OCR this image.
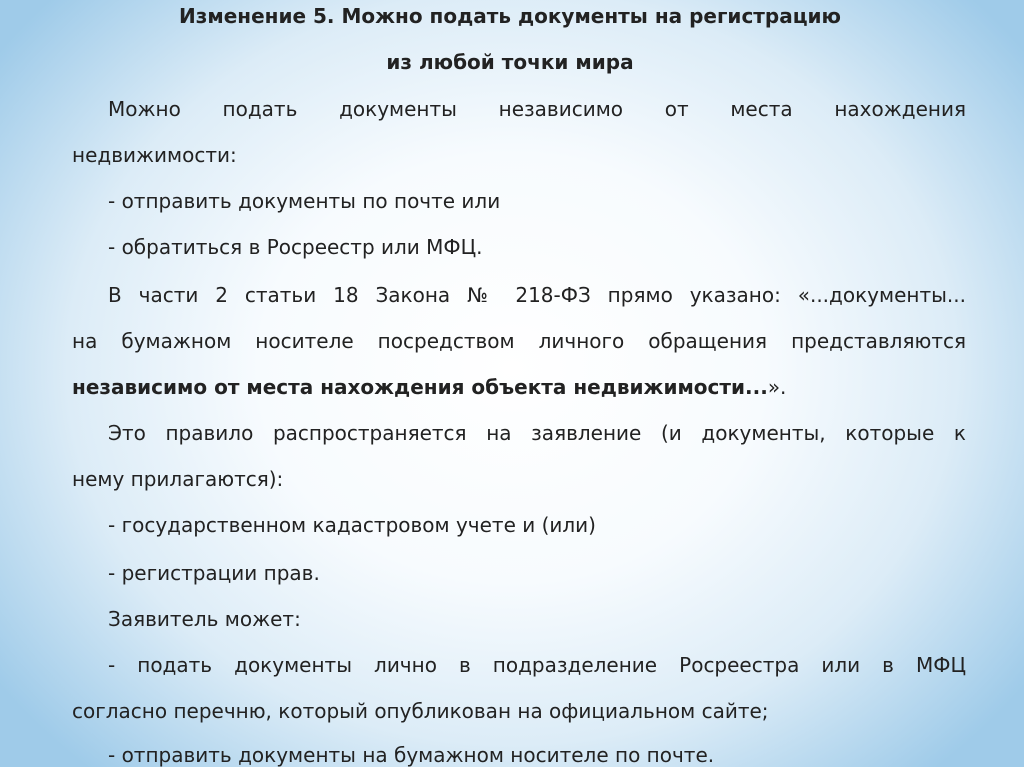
Изменение 5. Можно подать документы на регистрацию
из любой точки мира
Можно подать документы независимо от места нахождения
недвижимости:
- отправить документы по почте или
- обратиться в Росреестр или МФЦ.
В части 2 статьи 18 Закона № 218-ФЗ прямо указано: «...документы...
на бумажном носителе посредством личного обращения представляются
независимо от места нахождения объекта недвижимости...».
Это правило распространяется на заявление (и документы, которые к
нему прилагаются):
- государственном кадастровом учете и (или)
- регистрации прав.
Заявитель может:
- подать документы лично в подразделение Росреестра или в МФЦ
согласно перечню, который опубликован на официальном сайте;
- отправить документы на бумажном носителе по почте.
